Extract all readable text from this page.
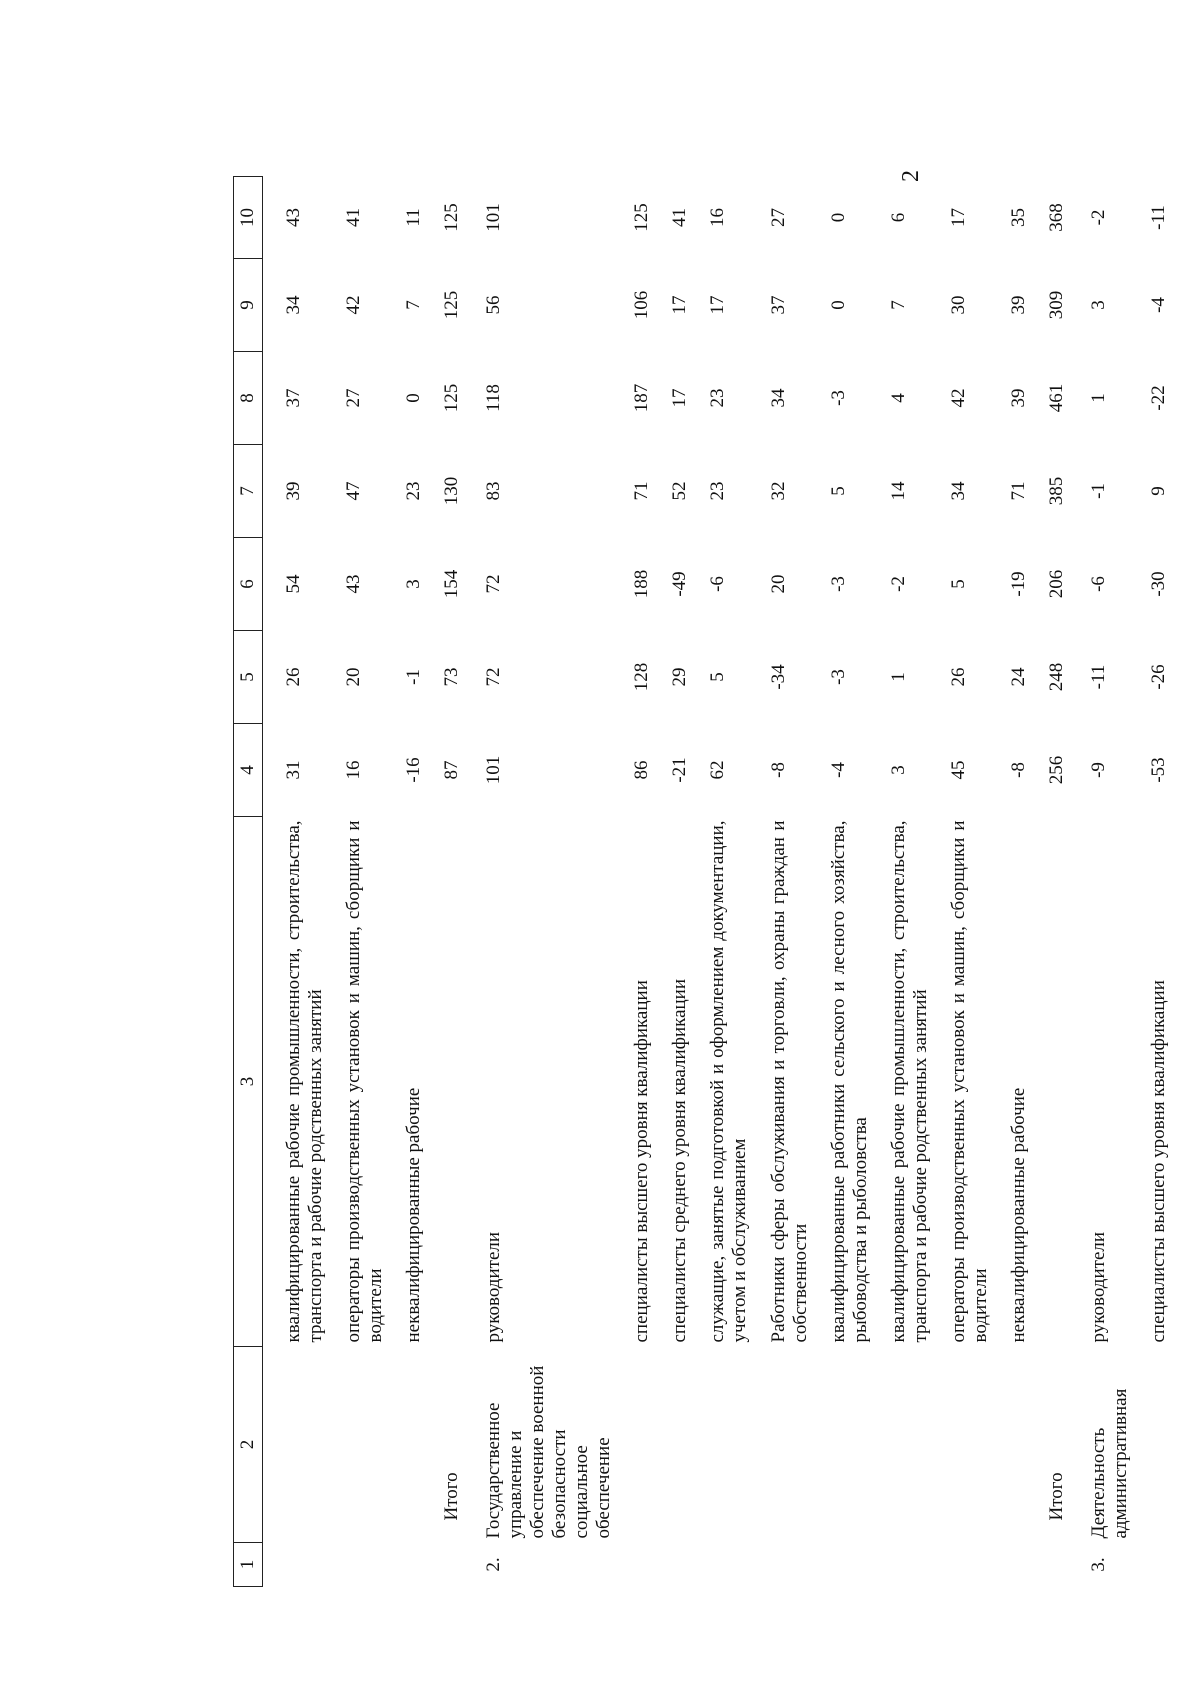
2
1	2	3	4	5	6	7	8	9	10
		квалифицированные рабочие промышленности, строительства, транспорта и рабочие родственных занятий	31	26	54	39	37	34	43
		операторы производственных установок и машин, сборщики и водители	16	20	43	47	27	42	41
		неквалифицированные рабочие	-16	-1	3	23	0	7	11
	Итого		87	73	154	130	125	125	125
2.	Государственное управление и обеспечение военной безопасности социальное обеспечение	руководители	101	72	72	83	118	56	101
		специалисты высшего уровня квалификации	86	128	188	71	187	106	125
		специалисты среднего уровня квалификации	-21	29	-49	52	17	17	41
		служащие, занятые подготовкой и оформлением документации, учетом и обслуживанием	62	5	-6	23	23	17	16
		Работники сферы обслуживания и торговли, охраны граждан и собственности	-8	-34	20	32	34	37	27
		квалифицированные работники сельского и лесного хозяйства, рыбоводства и рыболовства	-4	-3	-3	5	-3	0	0
		квалифицированные рабочие промышленности, строительства, транспорта и рабочие родственных занятий	3	1	-2	14	4	7	6
		операторы производственных установок и машин, сборщики и водители	45	26	5	34	42	30	17
		неквалифицированные рабочие	-8	24	-19	71	39	39	35
	Итого		256	248	206	385	461	309	368
3.	Деятельность административная	руководители	-9	-11	-6	-1	1	3	-2
		специалисты высшего уровня квалификации	-53	-26	-30	9	-22	-4	-11
